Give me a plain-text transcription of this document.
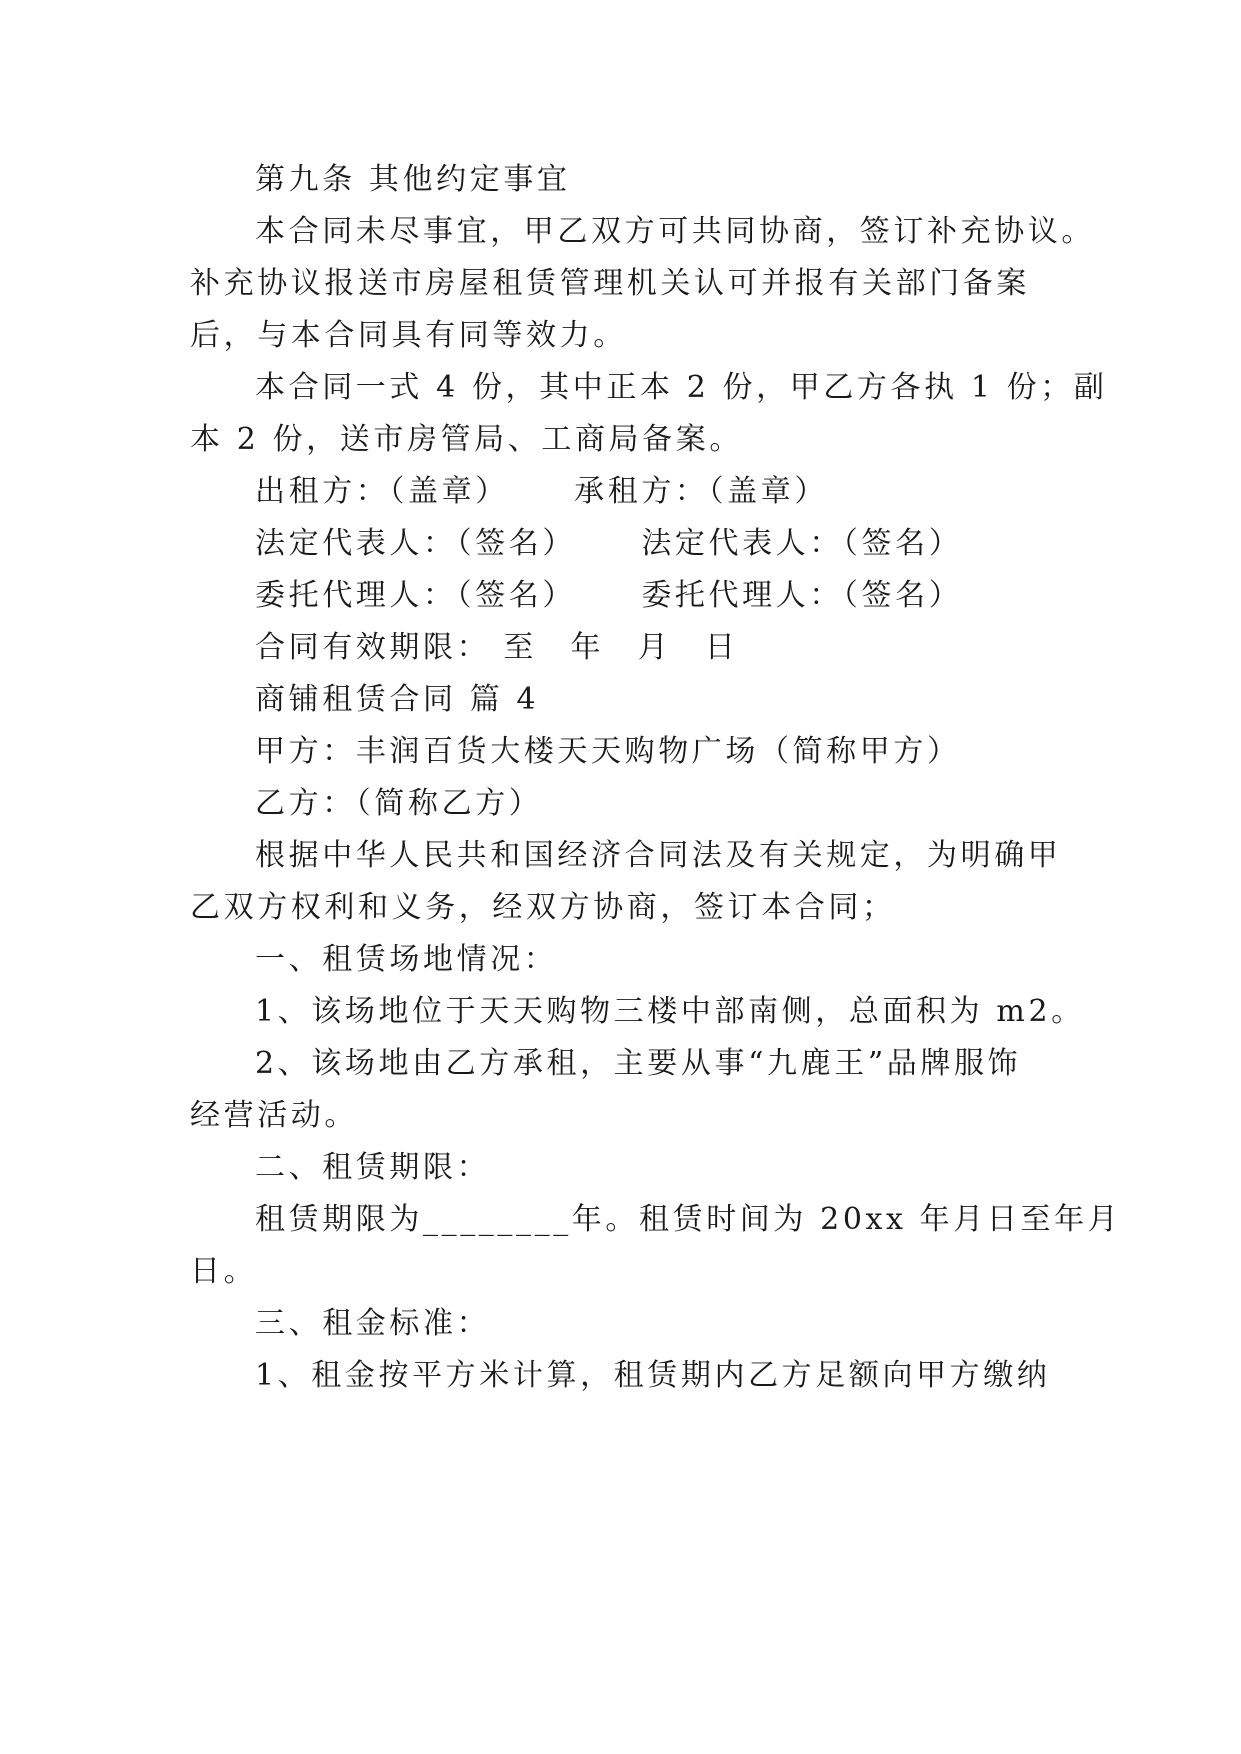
第九条 其他约定事宜
本合同未尽事宜，甲乙双方可共同协商，签订补充协议。
补充协议报送市房屋租赁管理机关认可并报有关部门备案
后，与本合同具有同等效力。
本合同一式 4 份，其中正本 2 份，甲乙方各执 1 份；副
本 2 份，送市房管局、工商局备案。
出租方：（盖章）　　 承租方：（盖章）
法定代表人：（签名）　　 法定代表人：（签名）
委托代理人：（签名）　　 委托代理人：（签名）
合同有效期限： 至　年　月　日
商铺租赁合同 篇 4
甲方：丰润百货大楼天天购物广场（简称甲方）
乙方：（简称乙方）
根据中华人民共和国经济合同法及有关规定，为明确甲
乙双方权利和义务，经双方协商，签订本合同；
一、租赁场地情况：
1、该场地位于天天购物三楼中部南侧，总面积为 m2。
2、该场地由乙方承租，主要从事“九鹿王”品牌服饰
经营活动。
二、租赁期限：
租赁期限为________年。租赁时间为 20xx 年月日至年月
日。
三、租金标准：
1、租金按平方米计算，租赁期内乙方足额向甲方缴纳
